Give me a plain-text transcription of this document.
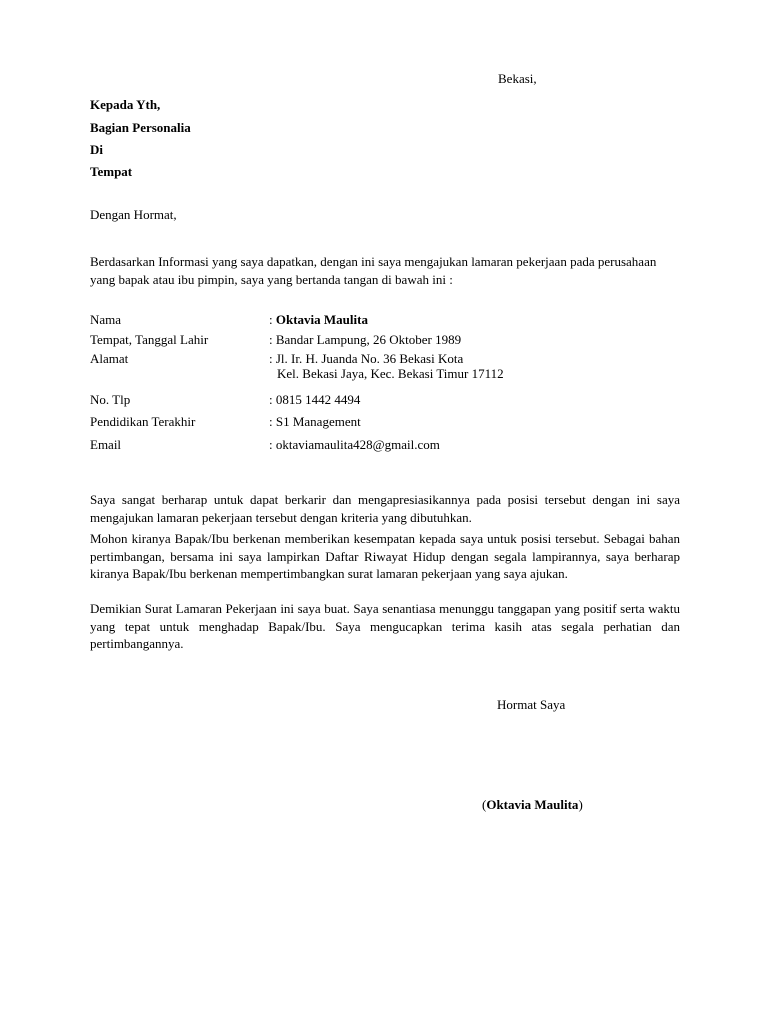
Bekasi,
Kepada Yth,
Bagian Personalia
Di
Tempat
Dengan Hormat,
Berdasarkan Informasi yang saya dapatkan, dengan ini saya mengajukan lamaran pekerjaan pada perusahaan yang bapak atau ibu pimpin, saya yang bertanda tangan di bawah ini :
Nama	: Oktavia Maulita
Tempat, Tanggal Lahir	: Bandar Lampung, 26 Oktober 1989
Alamat	: Jl. Ir. H. Juanda No. 36 Bekasi Kota
Kel. Bekasi Jaya, Kec. Bekasi Timur 17112
No. Tlp	: 0815 1442 4494
Pendidikan Terakhir	: S1 Management
Email	: oktaviamaulita428@gmail.com
Saya sangat berharap untuk dapat berkarir dan mengapresiasikannya pada posisi tersebut dengan ini saya mengajukan lamaran pekerjaan tersebut dengan kriteria yang dibutuhkan.
Mohon kiranya Bapak/Ibu berkenan memberikan kesempatan kepada saya untuk posisi tersebut. Sebagai bahan pertimbangan, bersama ini saya lampirkan Daftar Riwayat Hidup dengan segala lampirannya, saya berharap kiranya Bapak/Ibu berkenan mempertimbangkan surat lamaran pekerjaan yang saya ajukan.
Demikian Surat Lamaran Pekerjaan ini saya buat. Saya senantiasa menunggu tanggapan yang positif serta waktu yang tepat untuk menghadap Bapak/Ibu. Saya mengucapkan terima kasih atas segala perhatian dan pertimbangannya.
Hormat Saya
(Oktavia Maulita)
